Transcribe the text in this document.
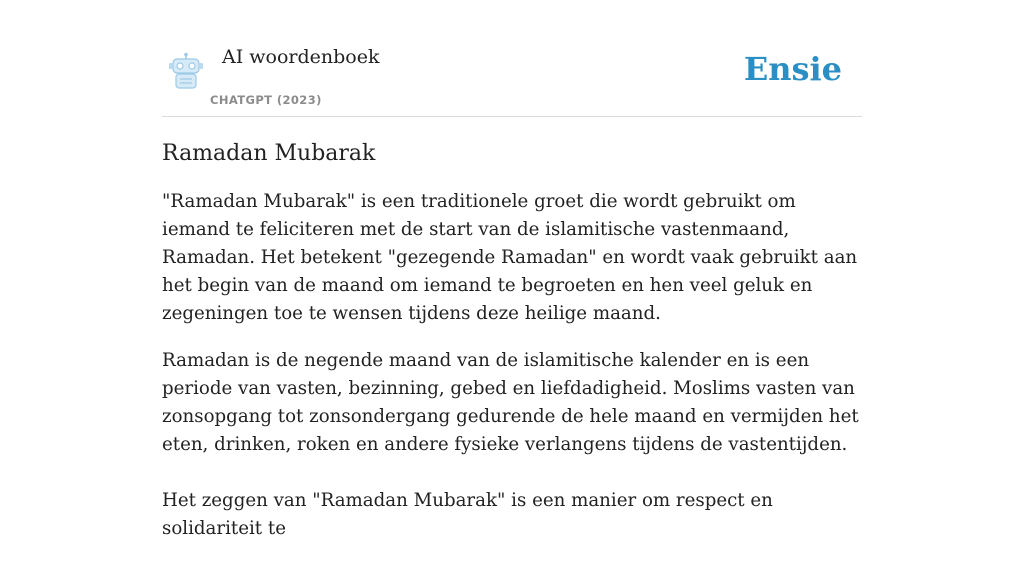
AI woordenboek
CHATGPT (2023)
Ensie
Ramadan Mubarak

"Ramadan Mubarak" is een traditionele groet die wordt gebruikt om iemand te feliciteren met de start van de islamitische vastenmaand, Ramadan. Het betekent "gezegende Ramadan" en wordt vaak gebruikt aan het begin van de maand om iemand te begroeten en hen veel geluk en zegeningen toe te wensen tijdens deze heilige maand.

Ramadan is de negende maand van de islamitische kalender en is een periode van vasten, bezinning, gebed en liefdadigheid. Moslims vasten van zonsopgang tot zonsondergang gedurende de hele maand en vermijden het eten, drinken, roken en andere fysieke verlangens tijdens de vastentijden.

Het zeggen van "Ramadan Mubarak" is een manier om respect en solidariteit te
